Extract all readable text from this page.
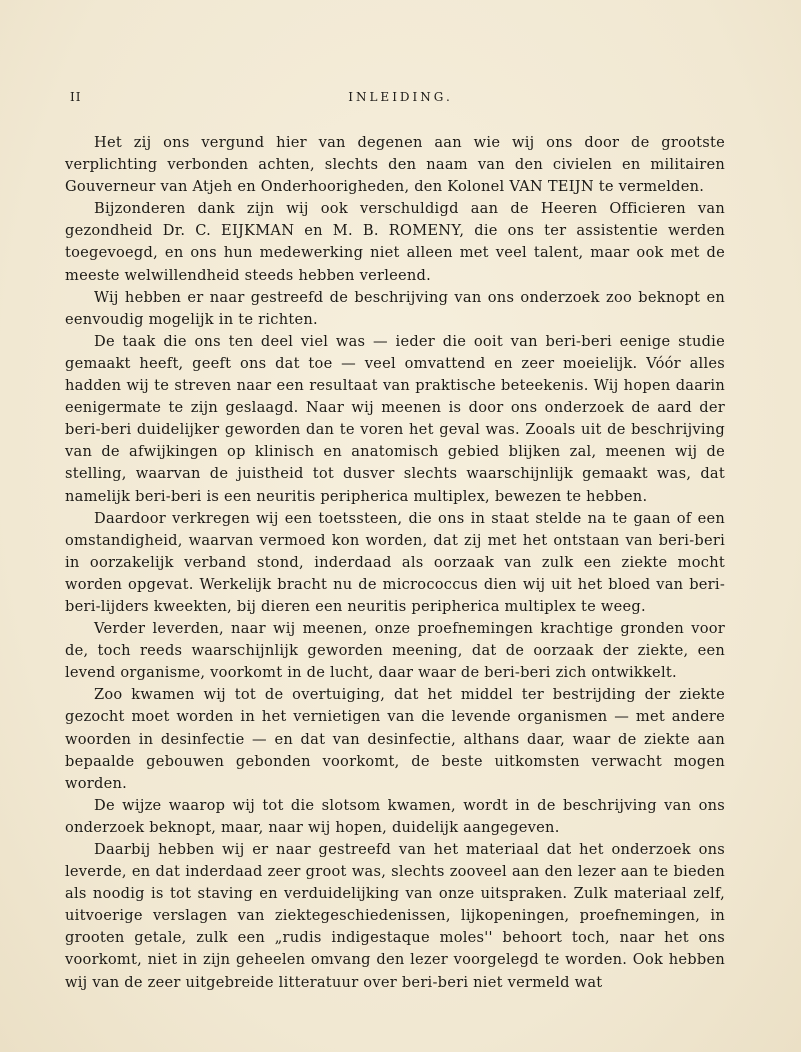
II	INLEIDING.

Het zij ons vergund hier van degenen aan wie wij ons door de grootste verplichting verbonden achten, slechts den naam van den civielen en militairen Gouverneur van Atjeh en Onderhoorigheden, den Kolonel VAN TEIJN te vermelden.

Bijzonderen dank zijn wij ook verschuldigd aan de Heeren Officieren van gezondheid Dr. C. EIJKMAN en M. B. ROMENY, die ons ter assistentie werden toegevoegd, en ons hun medewerking niet alleen met veel talent, maar ook met de meeste welwillendheid steeds hebben verleend.

Wij hebben er naar gestreefd de beschrijving van ons onderzoek zoo beknopt en eenvoudig mogelijk in te richten.

De taak die ons ten deel viel was — ieder die ooit van beri-beri eenige studie gemaakt heeft, geeft ons dat toe — veel omvattend en zeer moeielijk. Vóór alles hadden wij te streven naar een resultaat van praktische beteekenis. Wij hopen daarin eenigermate te zijn geslaagd. Naar wij meenen is door ons onderzoek de aard der beri-beri duidelijker geworden dan te voren het geval was. Zooals uit de beschrijving van de afwijkingen op klinisch en anatomisch gebied blijken zal, meenen wij de stelling, waarvan de juistheid tot dusver slechts waarschijnlijk gemaakt was, dat namelijk beri-beri is een neuritis peripherica multiplex, bewezen te hebben.

Daardoor verkregen wij een toetssteen, die ons in staat stelde na te gaan of een omstandigheid, waarvan vermoed kon worden, dat zij met het ontstaan van beri-beri in oorzakelijk verband stond, inderdaad als oorzaak van zulk een ziekte mocht worden opgevat. Werkelijk bracht nu de micrococcus dien wij uit het bloed van beri-beri-lijders kweekten, bij dieren een neuritis peripherica multiplex te weeg.

Verder leverden, naar wij meenen, onze proefnemingen krachtige gronden voor de, toch reeds waarschijnlijk geworden meening, dat de oorzaak der ziekte, een levend organisme, voorkomt in de lucht, daar waar de beri-beri zich ontwikkelt.

Zoo kwamen wij tot de overtuiging, dat het middel ter bestrijding der ziekte gezocht moet worden in het vernietigen van die levende organismen — met andere woorden in desinfectie — en dat van desinfectie, althans daar, waar de ziekte aan bepaalde gebouwen gebonden voorkomt, de beste uitkomsten verwacht mogen worden.

De wijze waarop wij tot die slotsom kwamen, wordt in de beschrijving van ons onderzoek beknopt, maar, naar wij hopen, duidelijk aangegeven.

Daarbij hebben wij er naar gestreefd van het materiaal dat het onderzoek ons leverde, en dat inderdaad zeer groot was, slechts zooveel aan den lezer aan te bieden als noodig is tot staving en verduidelijking van onze uitspraken. Zulk materiaal zelf, uitvoerige verslagen van ziektegeschiedenissen, lijkopeningen, proefnemingen, in grooten getale, zulk een „rudis indigestaque moles'' behoort toch, naar het ons voorkomt, niet in zijn geheelen omvang den lezer voorgelegd te worden. Ook hebben wij van de zeer uitgebreide litteratuur over beri-beri niet vermeld wat
